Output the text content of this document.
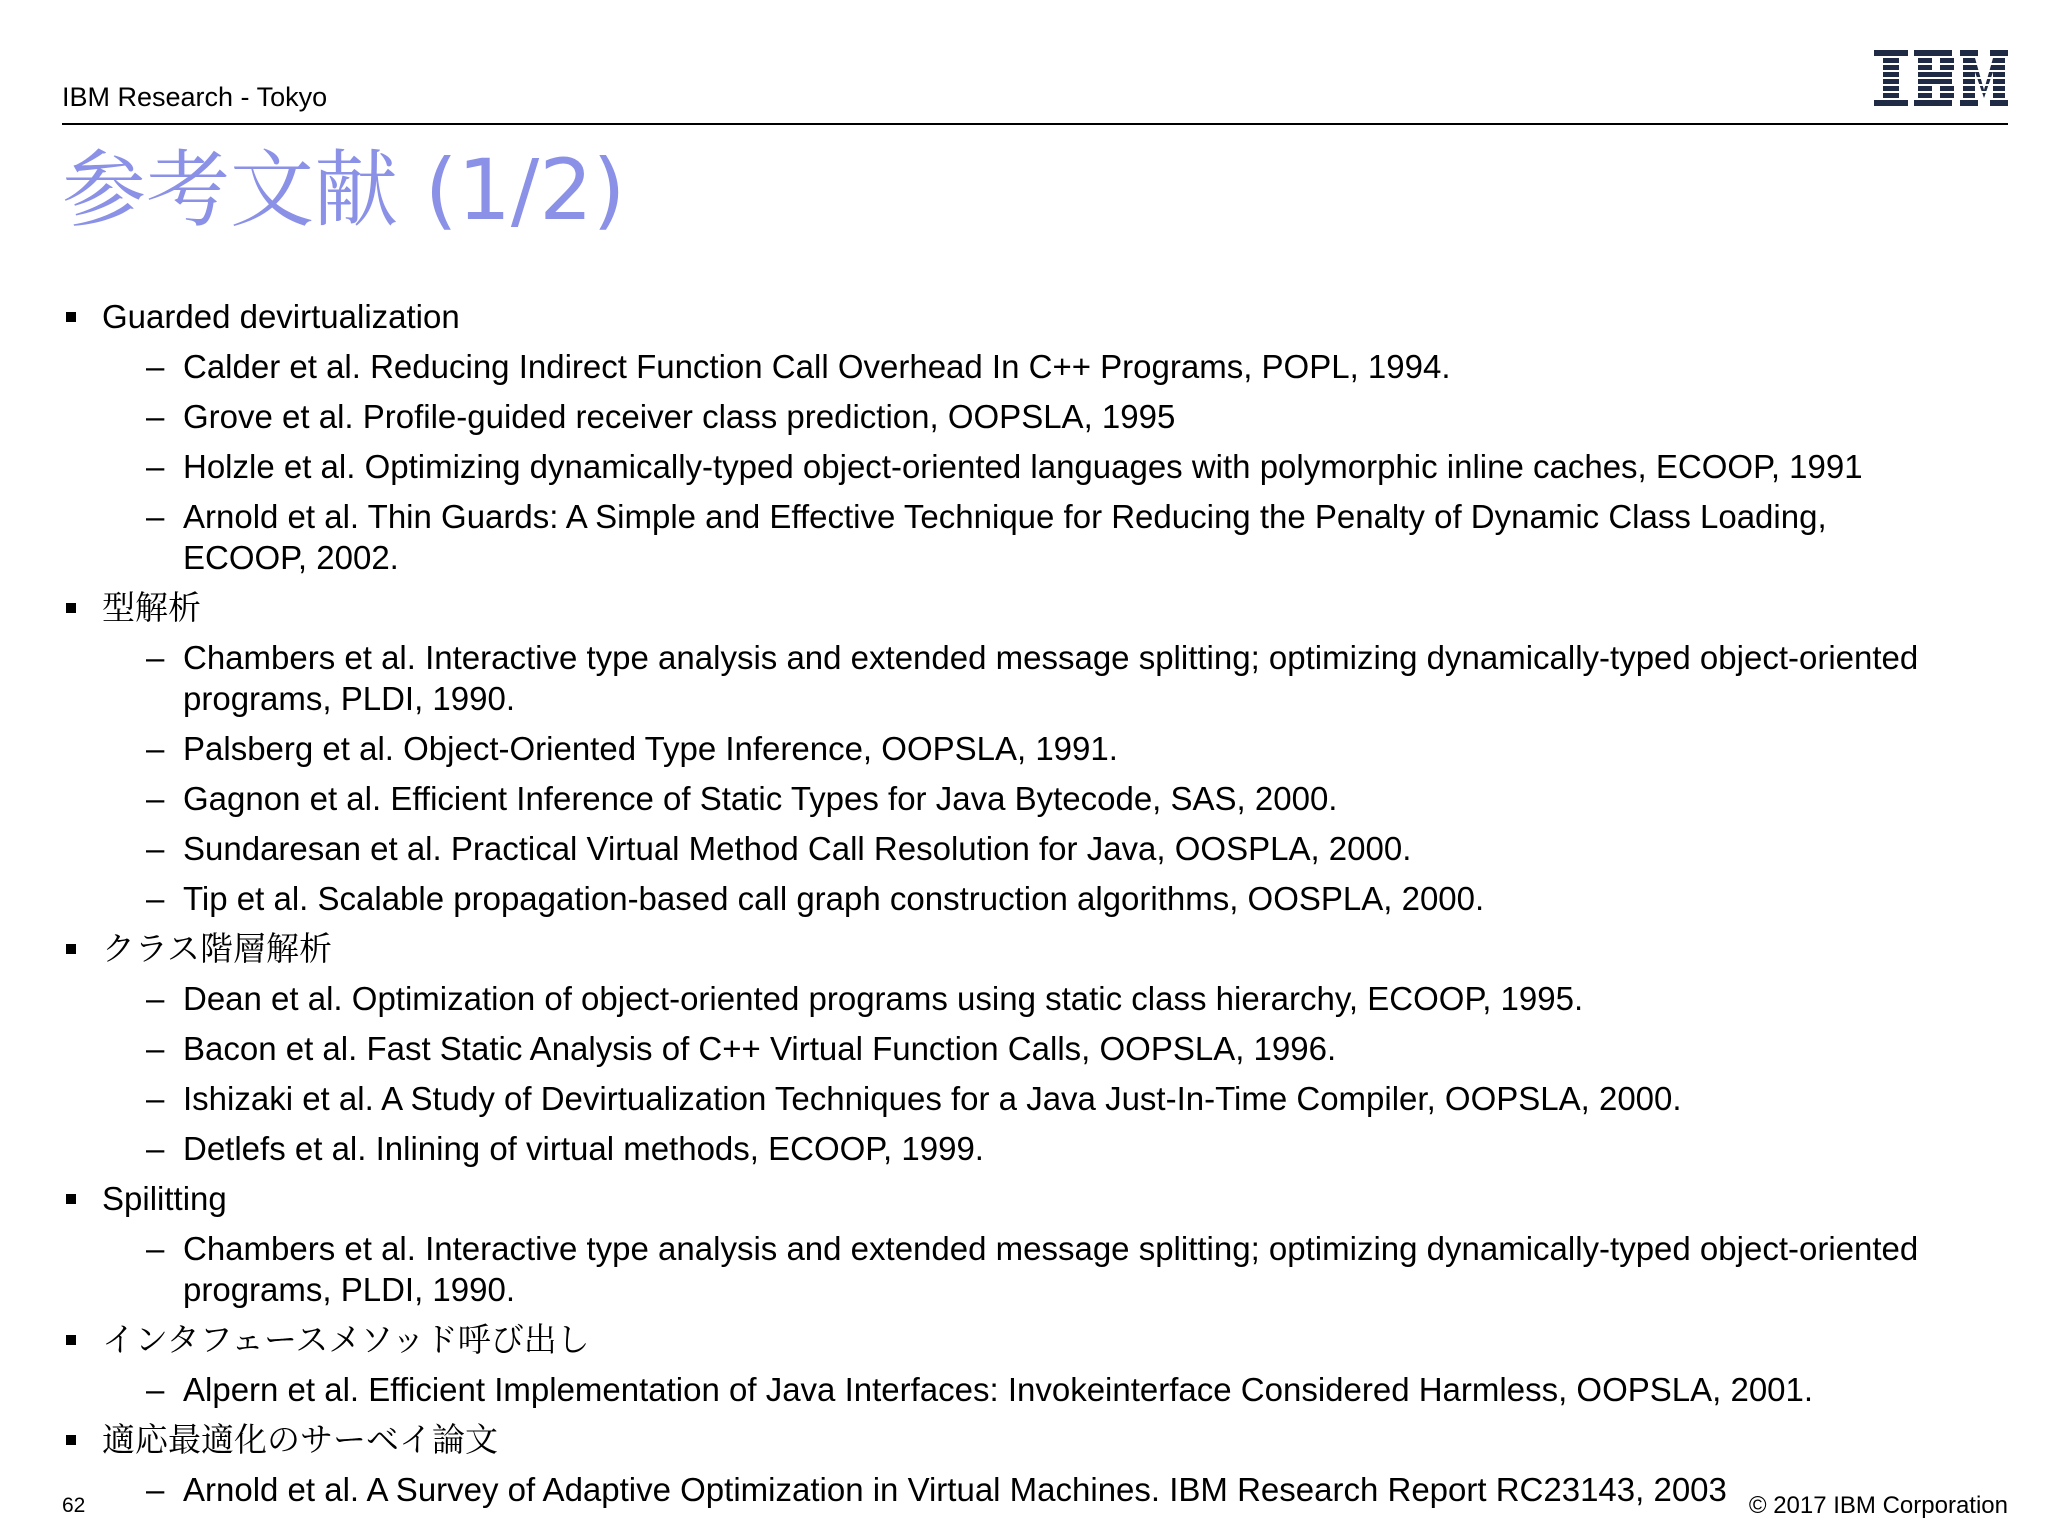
IBM Research - Tokyo
参考文献 (1/2)
Guarded devirtualization
– Calder et al. Reducing Indirect Function Call Overhead In C++ Programs, POPL, 1994.
– Grove et al. Profile-guided receiver class prediction, OOPSLA, 1995
– Holzle et al. Optimizing dynamically-typed object-oriented languages with polymorphic inline caches, ECOOP, 1991
– Arnold et al. Thin Guards: A Simple and Effective Technique for Reducing the Penalty of Dynamic Class Loading, ECOOP, 2002.
型解析
– Chambers et al. Interactive type analysis and extended message splitting; optimizing dynamically-typed object-oriented programs, PLDI, 1990.
– Palsberg et al. Object-Oriented Type Inference, OOPSLA, 1991.
– Gagnon et al. Efficient Inference of Static Types for Java Bytecode, SAS, 2000.
– Sundaresan et al. Practical Virtual Method Call Resolution for Java, OOSPLA, 2000.
– Tip et al. Scalable propagation-based call graph construction algorithms, OOSPLA, 2000.
クラス階層解析
– Dean et al. Optimization of object-oriented programs using static class hierarchy, ECOOP, 1995.
– Bacon et al. Fast Static Analysis of C++ Virtual Function Calls, OOPSLA, 1996.
– Ishizaki et al. A Study of Devirtualization Techniques for a Java Just-In-Time Compiler, OOPSLA, 2000.
– Detlefs et al. Inlining of virtual methods, ECOOP, 1999.
Spilitting
– Chambers et al. Interactive type analysis and extended message splitting; optimizing dynamically-typed object-oriented programs, PLDI, 1990.
インタフェースメソッド呼び出し
– Alpern et al. Efficient Implementation of Java Interfaces: Invokeinterface Considered Harmless, OOPSLA, 2001.
適応最適化のサーベイ論文
– Arnold et al. A Survey of Adaptive Optimization in Virtual Machines. IBM Research Report RC23143, 2003
62	© 2017 IBM Corporation
